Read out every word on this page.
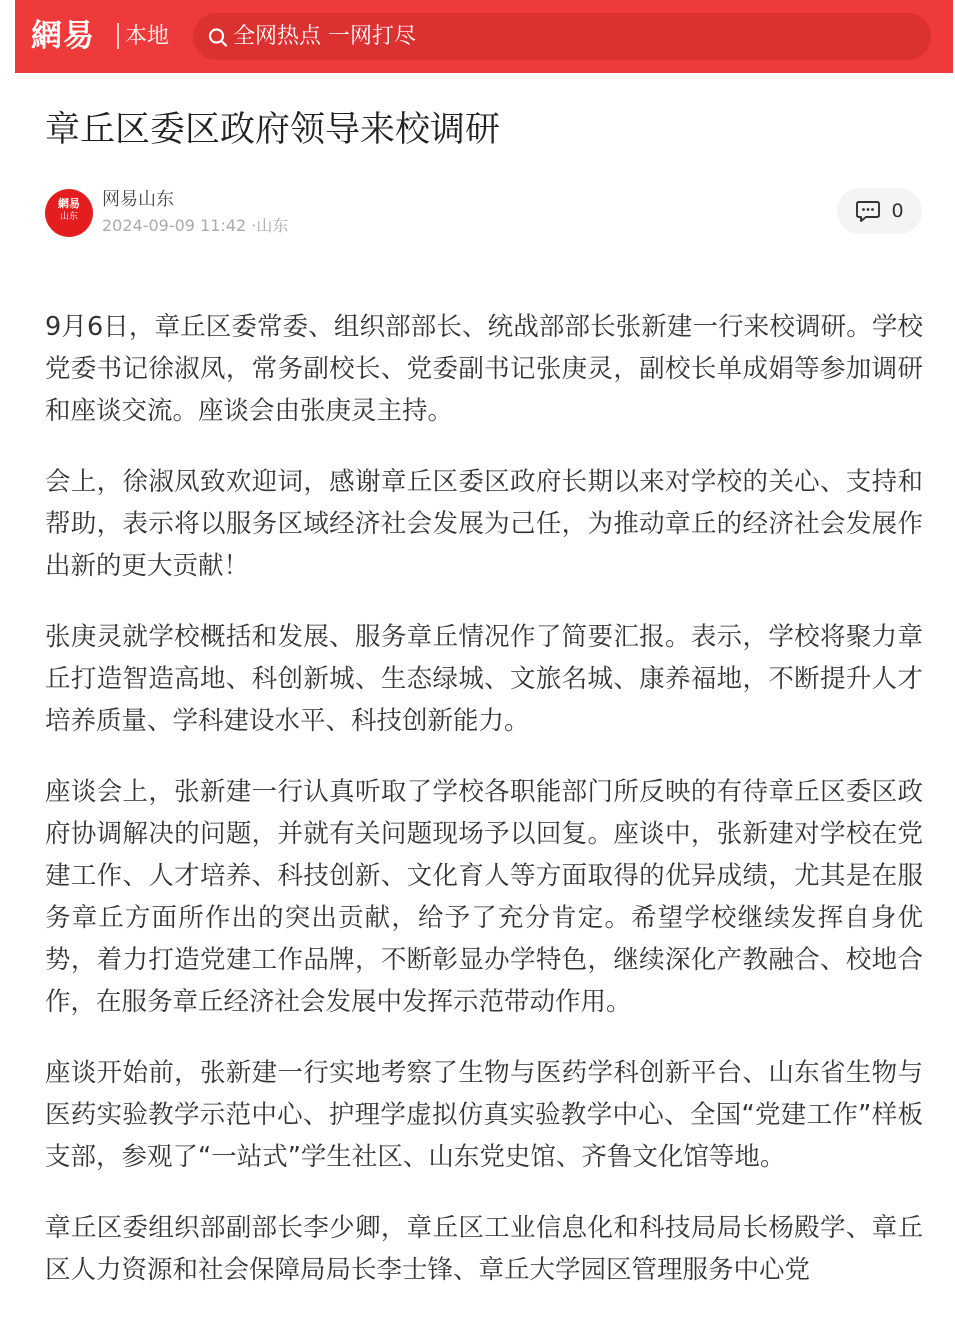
網易 本地	全网热点 一网打尽
章丘区委区政府领导来校调研
網易
山东
网易山东
2024-09-09 11:42 ·山东
0

9月6日，章丘区委常委、组织部部长、统战部部长张新建一行来校调研。学校党委书记徐淑凤，常务副校长、党委副书记张庚灵，副校长单成娟等参加调研和座谈交流。座谈会由张庚灵主持。

会上，徐淑凤致欢迎词，感谢章丘区委区政府长期以来对学校的关心、支持和帮助，表示将以服务区域经济社会发展为己任，为推动章丘的经济社会发展作出新的更大贡献！

张庚灵就学校概括和发展、服务章丘情况作了简要汇报。表示，学校将聚力章丘打造智造高地、科创新城、生态绿城、文旅名城、康养福地，不断提升人才培养质量、学科建设水平、科技创新能力。

座谈会上，张新建一行认真听取了学校各职能部门所反映的有待章丘区委区政府协调解决的问题，并就有关问题现场予以回复。座谈中，张新建对学校在党建工作、人才培养、科技创新、文化育人等方面取得的优异成绩，尤其是在服务章丘方面所作出的突出贡献，给予了充分肯定。希望学校继续发挥自身优势，着力打造党建工作品牌，不断彰显办学特色，继续深化产教融合、校地合作，在服务章丘经济社会发展中发挥示范带动作用。

座谈开始前，张新建一行实地考察了生物与医药学科创新平台、山东省生物与医药实验教学示范中心、护理学虚拟仿真实验教学中心、全国“党建工作”样板支部，参观了“一站式”学生社区、山东党史馆、齐鲁文化馆等地。

章丘区委组织部副部长李少卿，章丘区工业信息化和科技局局长杨殿学、章丘区人力资源和社会保障局局长李士锋、章丘大学园区管理服务中心党
